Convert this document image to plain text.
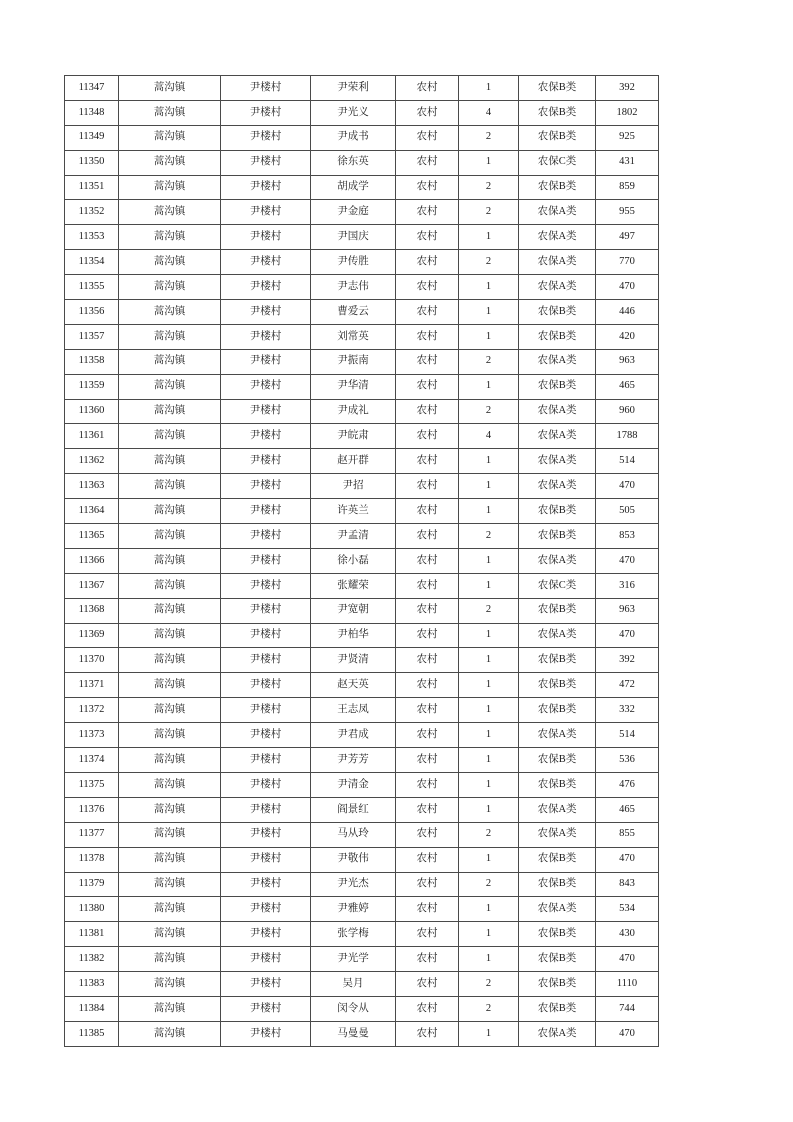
11347	蒿沟镇	尹楼村	尹荣利	农村	1	农保B类	392
11348	蒿沟镇	尹楼村	尹光义	农村	4	农保B类	1802
11349	蒿沟镇	尹楼村	尹成书	农村	2	农保B类	925
11350	蒿沟镇	尹楼村	徐东英	农村	1	农保C类	431
11351	蒿沟镇	尹楼村	胡成学	农村	2	农保B类	859
11352	蒿沟镇	尹楼村	尹金庭	农村	2	农保A类	955
11353	蒿沟镇	尹楼村	尹国庆	农村	1	农保A类	497
11354	蒿沟镇	尹楼村	尹传胜	农村	2	农保A类	770
11355	蒿沟镇	尹楼村	尹志伟	农村	1	农保A类	470
11356	蒿沟镇	尹楼村	曹爱云	农村	1	农保B类	446
11357	蒿沟镇	尹楼村	刘常英	农村	1	农保B类	420
11358	蒿沟镇	尹楼村	尹振南	农村	2	农保A类	963
11359	蒿沟镇	尹楼村	尹华清	农村	1	农保B类	465
11360	蒿沟镇	尹楼村	尹成礼	农村	2	农保A类	960
11361	蒿沟镇	尹楼村	尹皖肃	农村	4	农保A类	1788
11362	蒿沟镇	尹楼村	赵开群	农村	1	农保A类	514
11363	蒿沟镇	尹楼村	尹招	农村	1	农保A类	470
11364	蒿沟镇	尹楼村	许英兰	农村	1	农保B类	505
11365	蒿沟镇	尹楼村	尹孟清	农村	2	农保B类	853
11366	蒿沟镇	尹楼村	徐小磊	农村	1	农保A类	470
11367	蒿沟镇	尹楼村	张耀荣	农村	1	农保C类	316
11368	蒿沟镇	尹楼村	尹宽朝	农村	2	农保B类	963
11369	蒿沟镇	尹楼村	尹柏华	农村	1	农保A类	470
11370	蒿沟镇	尹楼村	尹贤清	农村	1	农保B类	392
11371	蒿沟镇	尹楼村	赵天英	农村	1	农保B类	472
11372	蒿沟镇	尹楼村	王志凤	农村	1	农保B类	332
11373	蒿沟镇	尹楼村	尹君成	农村	1	农保A类	514
11374	蒿沟镇	尹楼村	尹芳芳	农村	1	农保B类	536
11375	蒿沟镇	尹楼村	尹清金	农村	1	农保B类	476
11376	蒿沟镇	尹楼村	阎景红	农村	1	农保A类	465
11377	蒿沟镇	尹楼村	马从玲	农村	2	农保A类	855
11378	蒿沟镇	尹楼村	尹敬伟	农村	1	农保B类	470
11379	蒿沟镇	尹楼村	尹光杰	农村	2	农保B类	843
11380	蒿沟镇	尹楼村	尹雅婷	农村	1	农保A类	534
11381	蒿沟镇	尹楼村	张学梅	农村	1	农保B类	430
11382	蒿沟镇	尹楼村	尹光学	农村	1	农保B类	470
11383	蒿沟镇	尹楼村	吴月	农村	2	农保B类	1110
11384	蒿沟镇	尹楼村	闵令从	农村	2	农保B类	744
11385	蒿沟镇	尹楼村	马曼曼	农村	1	农保A类	470
